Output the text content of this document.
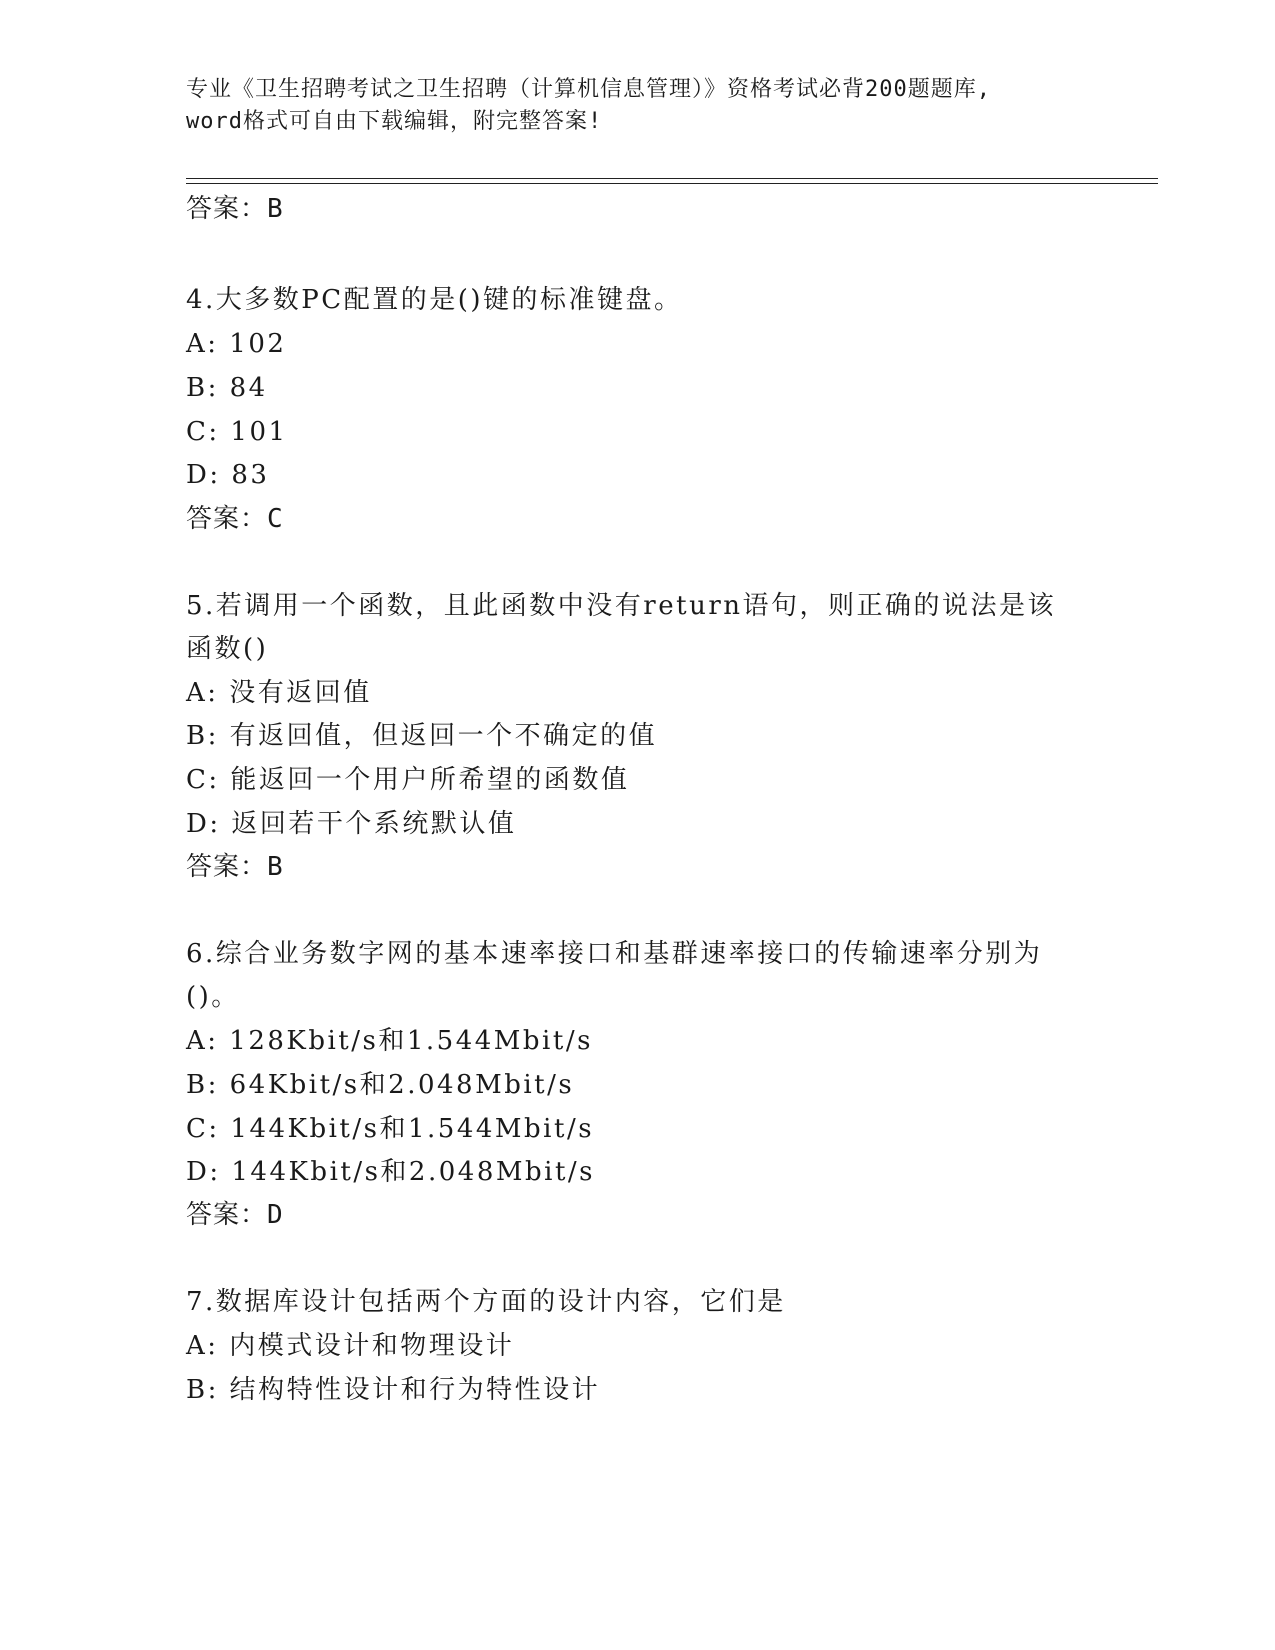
专业《卫生招聘考试之卫生招聘（计算机信息管理）》资格考试必背200题题库,
word格式可自由下载编辑，附完整答案!
答案：B
4.大多数PC配置的是()键的标准键盘。
A: 102
B: 84
C: 101
D: 83
答案：C
5.若调用一个函数，且此函数中没有return语句，则正确的说法是该
函数()
A: 没有返回值
B: 有返回值，但返回一个不确定的值
C: 能返回一个用户所希望的函数值
D: 返回若干个系统默认值
答案：B
6.综合业务数字网的基本速率接口和基群速率接口的传输速率分别为
()。
A: 128Kbit/s和1.544Mbit/s
B: 64Kbit/s和2.048Mbit/s
C: 144Kbit/s和1.544Mbit/s
D: 144Kbit/s和2.048Mbit/s
答案：D
7.数据库设计包括两个方面的设计内容，它们是
A: 内模式设计和物理设计
B: 结构特性设计和行为特性设计
